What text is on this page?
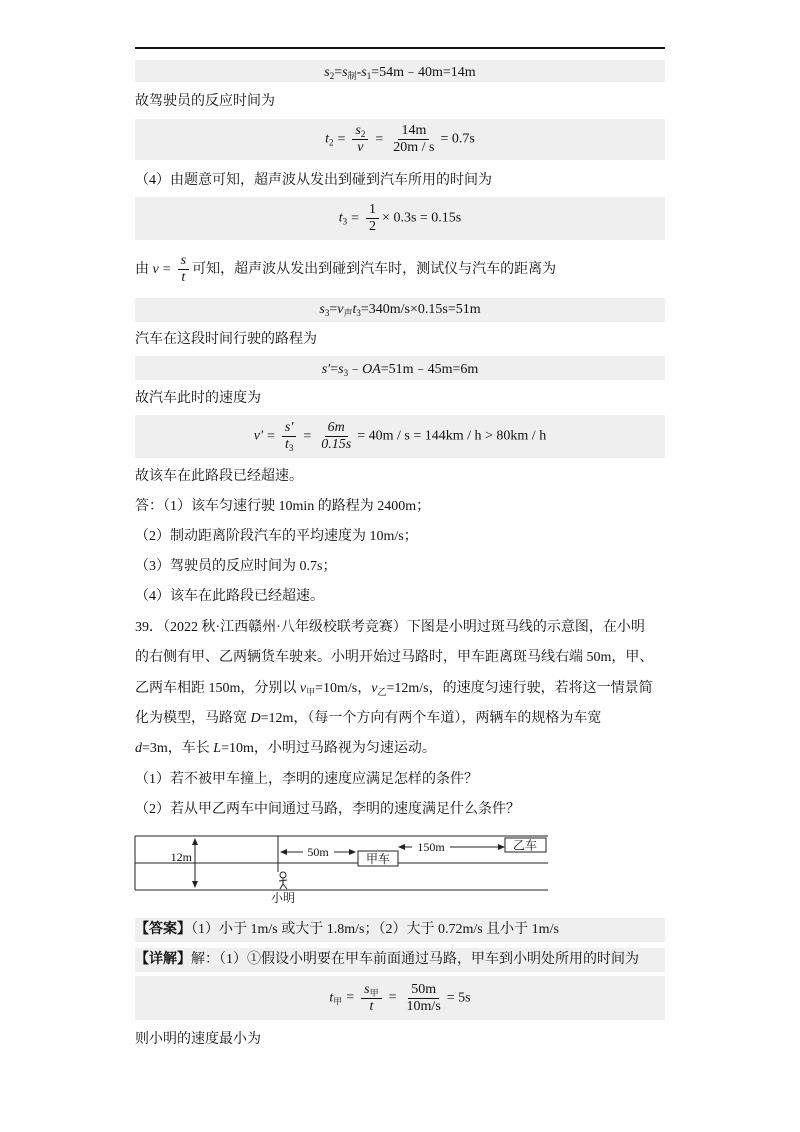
$s_2=s_制-s_1=54m﹣40m=14m$
故驾驶员的反应时间为
$t_2 = \frac{s_2}{v} = \frac{14m}{20m / s} = 0.7s$
（4）由题意可知，超声波从发出到碰到汽车所用的时间为
$t_3 = \frac{1}{2} \times 0.3s = 0.15s$
由 $v = \frac{s}{t}$ 可知，超声波从发出到碰到汽车时，测试仪与汽车的距离为
$s_3=v_声t_3=340m/s\times 0.15s=51m$
汽车在这段时间行驶的路程为
$s'=s_3﹣OA=51m﹣45m=6m$
故汽车此时的速度为
$v' = \frac{s'}{t_3} = \frac{6m}{0.15s} = 40m / s = 144km / h > 80km / h$
故该车在此路段已经超速。
答：（1）该车匀速行驶 10min 的路程为 2400m；
（2）制动距离阶段汽车的平均速度为 10m/s；
（3）驾驶员的反应时间为 0.7s；
（4）该车在此路段已经超速。
39．（2022 秋·江西赣州·八年级校联考竞赛）下图是小明过斑马线的示意图，在小明
的右侧有甲、乙两辆货车驶来。小明开始过马路时，甲车距离斑马线右端 50m，甲、
乙两车相距 150m，分别以 $v_甲=10m/s$，$v_乙=12m/s$，的速度匀速行驶，若将这一情景简
化为模型，马路宽 D=12m，（每一个方向有两个车道），两辆车的规格为车宽
d=3m，车长 L=10m，小明过马路视为匀速运动。
（1）若不被甲车撞上，李明的速度应满足怎样的条件？
（2）若从甲乙两车中间通过马路，李明的速度满足什么条件？
12m	50m	150m
甲车
乙车
小明
【答案】（1）小于 1m/s 或大于 1.8m/s；（2）大于 0.72m/s 且小于 1m/s
【详解】解：（1）①假设小明要在甲车前面通过马路，甲车到小明处所用的时间为
$t_甲 = \frac{s_甲}{t} = \frac{50m}{10m/s} = 5s$
则小明的速度最小为
